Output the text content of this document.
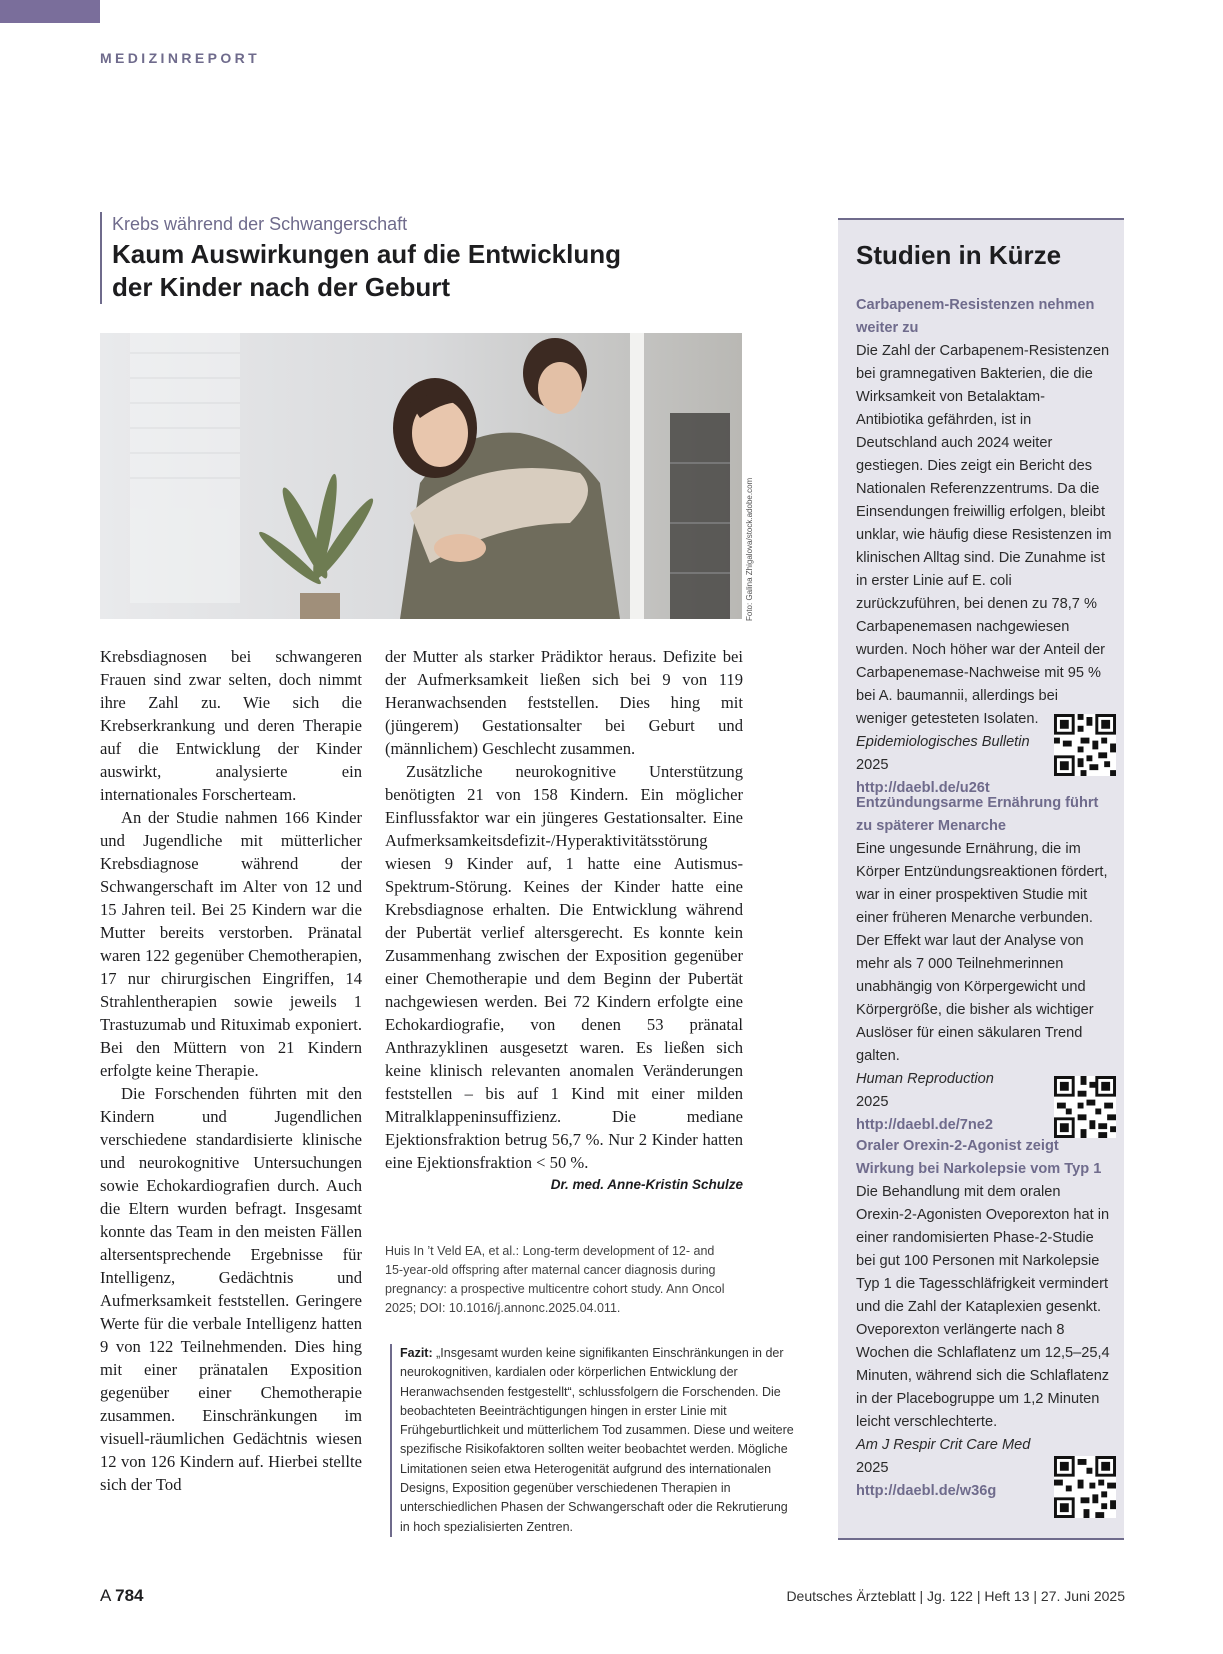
MEDIZINREPORT
Krebs während der Schwangerschaft
Kaum Auswirkungen auf die Entwicklung
der Kinder nach der Geburt
Foto: Galina Zhigalova/stock.adobe.com

Krebsdiagnosen bei schwangeren Frauen sind zwar selten, doch nimmt ihre Zahl zu. Wie sich die Krebserkrankung und deren Therapie auf die Entwicklung der Kinder auswirkt, analysierte ein internationales Forscherteam.

An der Studie nahmen 166 Kinder und Jugendliche mit mütterlicher Krebsdiagnose während der Schwangerschaft im Alter von 12 und 15 Jahren teil. Bei 25 Kindern war die Mutter bereits verstorben. Pränatal waren 122 gegenüber Chemotherapien, 17 nur chirurgischen Eingriffen, 14 Strahlentherapien sowie jeweils 1 Trastuzumab und Rituximab exponiert. Bei den Müttern von 21 Kindern erfolgte keine Therapie.

Die Forschenden führten mit den Kindern und Jugendlichen verschiedene standardisierte klinische und neurokognitive Untersuchungen sowie Echokardiografien durch. Auch die Eltern wurden befragt. Insgesamt konnte das Team in den meisten Fällen altersentsprechende Ergebnisse für Intelligenz, Gedächtnis und Aufmerksamkeit feststellen. Geringere Werte für die verbale Intelligenz hatten 9 von 122 Teilnehmenden. Dies hing mit einer pränatalen Exposition gegenüber einer Chemotherapie zusammen. Einschränkungen im visuell-räumlichen Gedächtnis wiesen 12 von 126 Kindern auf. Hierbei stellte sich der Tod

der Mutter als starker Prädiktor heraus. Defizite bei der Aufmerksamkeit ließen sich bei 9 von 119 Heranwachsenden feststellen. Dies hing mit (jüngerem) Gestationsalter bei Geburt und (männlichem) Geschlecht zusammen.

Zusätzliche neurokognitive Unterstützung benötigten 21 von 158 Kindern. Ein möglicher Einflussfaktor war ein jüngeres Gestationsalter. Eine Aufmerksamkeitsdefizit-/Hyperaktivitätsstörung wiesen 9 Kinder auf, 1 hatte eine Autismus-Spektrum-Störung. Keines der Kinder hatte eine Krebsdiagnose erhalten. Die Entwicklung während der Pubertät verlief altersgerecht. Es konnte kein Zusammenhang zwischen der Exposition gegenüber einer Chemotherapie und dem Beginn der Pubertät nachgewiesen werden. Bei 72 Kindern erfolgte eine Echokardiografie, von denen 53 pränatal Anthrazyklinen ausgesetzt waren. Es ließen sich keine klinisch relevanten anomalen Veränderungen feststellen – bis auf 1 Kind mit einer milden Mitralklappeninsuffizienz. Die mediane Ejektionsfraktion betrug 56,7 %. Nur 2 Kinder hatten eine Ejektionsfraktion < 50 %.

Dr. med. Anne-Kristin Schulze
Huis In ’t Veld EA, et al.: Long-term development of 12- and 15-year-old offspring after maternal cancer diagnosis during pregnancy: a prospective multicentre cohort study. Ann Oncol 2025; DOI: 10.1016/j.annonc.2025.04.011.
Fazit: „Insgesamt wurden keine signifikanten Einschränkungen in der neurokognitiven, kardialen oder körperlichen Entwicklung der Heranwachsenden festgestellt“, schlussfolgern die Forschenden. Die beobachteten Beeinträchtigungen hingen in erster Linie mit Frühgeburtlichkeit und mütterlichem Tod zusammen. Diese und weitere spezifische Risikofaktoren sollten weiter beobachtet werden. Mögliche Limitationen seien etwa Heterogenität aufgrund des internationalen Designs, Exposition gegenüber verschiedenen Therapien in unterschiedlichen Phasen der Schwangerschaft oder die Rekrutierung in hoch spezialisierten Zentren.
Studien in Kürze
Carbapenem-Resistenzen nehmen weiter zu
Die Zahl der Carbapenem-Resistenzen bei gramnegativen Bakterien, die die Wirksamkeit von Betalaktam-Antibiotika gefährden, ist in Deutschland auch 2024 weiter gestiegen. Dies zeigt ein Bericht des Nationalen Referenzzentrums. Da die Einsendungen freiwillig erfolgen, bleibt unklar, wie häufig diese Resistenzen im klinischen Alltag sind. Die Zunahme ist in erster Linie auf E. coli zurückzuführen, bei denen zu 78,7 % Carbapenemasen nachgewiesen wurden. Noch höher war der Anteil der Carbapenemase-Nachweise mit 95 % bei A. baumannii, allerdings bei weniger getesteten Isolaten.
Epidemiologisches Bulletin
2025
http://daebl.de/u26t
Entzündungsarme Ernährung führt zu späterer Menarche
Eine ungesunde Ernährung, die im Körper Entzündungsreaktionen fördert, war in einer prospektiven Studie mit einer früheren Menarche verbunden. Der Effekt war laut der Analyse von mehr als 7 000 Teilnehmerinnen unabhängig von Körpergewicht und Körpergröße, die bisher als wichtiger Auslöser für einen säkularen Trend galten.
Human Reproduction
2025
http://daebl.de/7ne2
Oraler Orexin-2-Agonist zeigt Wirkung bei Narkolepsie vom Typ 1
Die Behandlung mit dem oralen Orexin-2-Agonisten Oveporexton hat in einer randomisierten Phase-2-Studie bei gut 100 Personen mit Narkolepsie Typ 1 die Tagesschläfrigkeit vermindert und die Zahl der Kataplexien gesenkt. Oveporexton verlängerte nach 8 Wochen die Schlaflatenz um 12,5–25,4 Minuten, während sich die Schlaflatenz in der Placebogruppe um 1,2 Minuten leicht verschlechterte.
Am J Respir Crit Care Med
2025
http://daebl.de/w36g
A 784	Deutsches Ärzteblatt | Jg. 122 | Heft 13 | 27. Juni 2025
